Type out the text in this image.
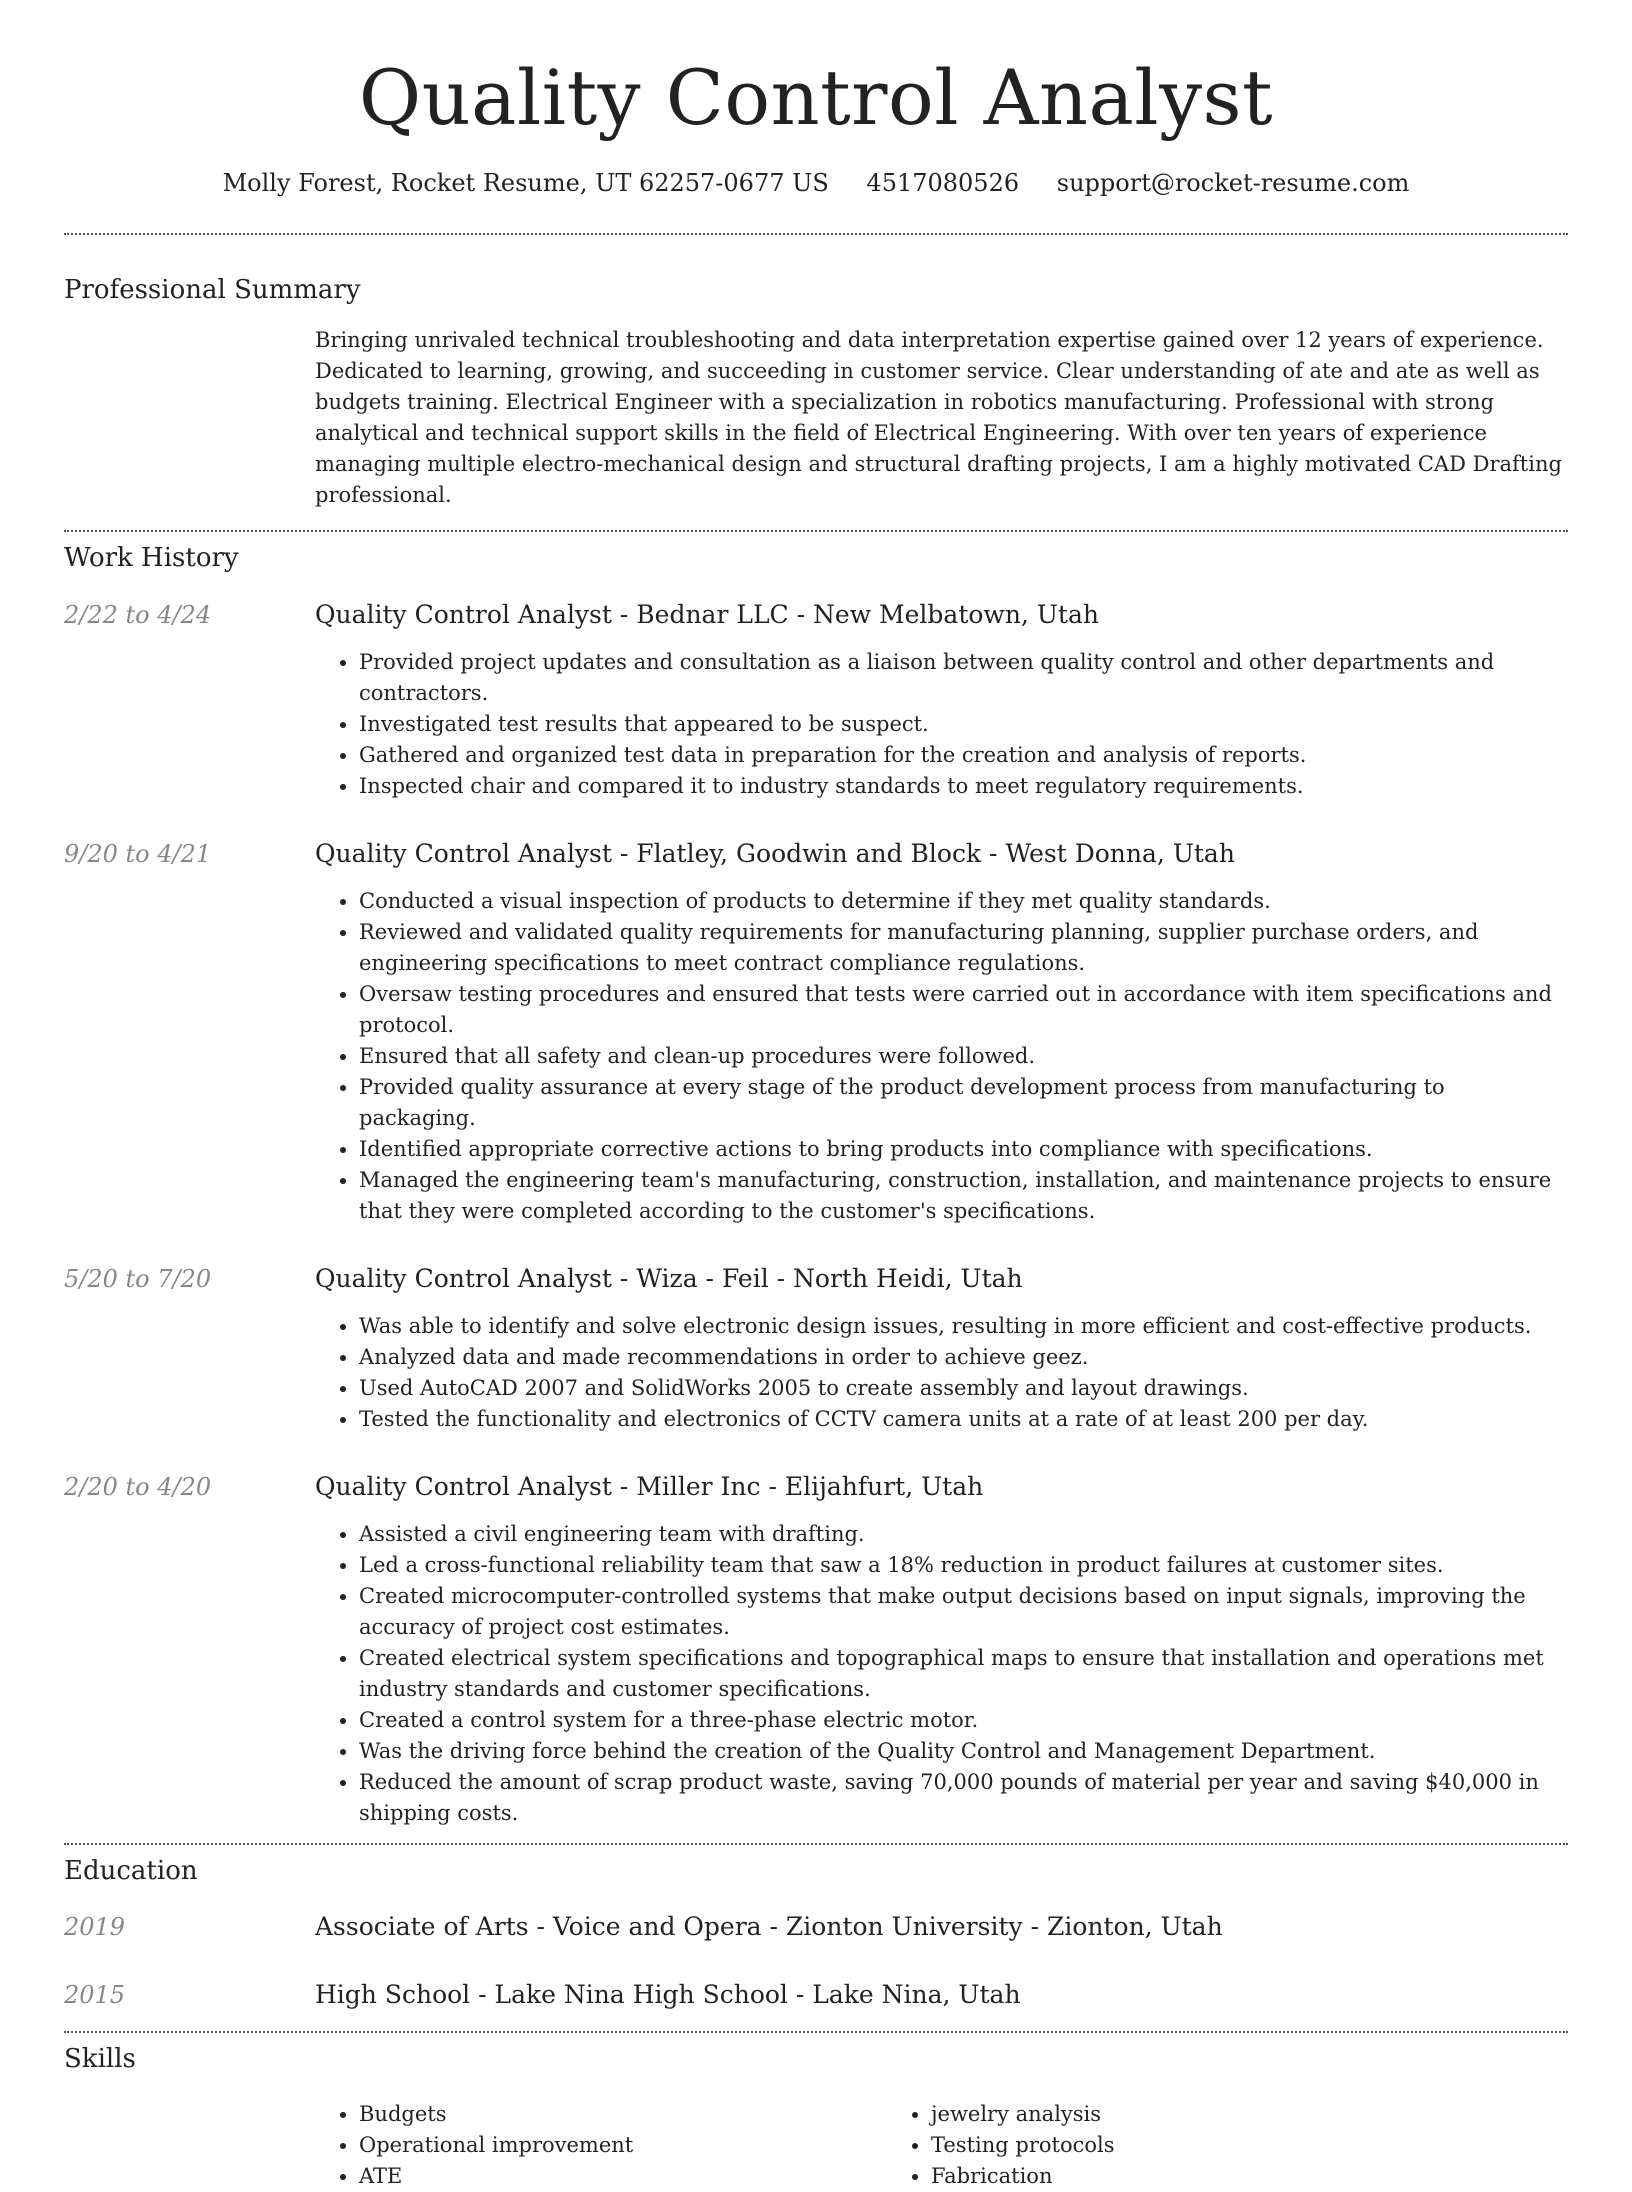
Quality Control Analyst
Molly Forest, Rocket Resume, UT 62257-0677 US 4517080526 support@rocket-resume.com
Professional Summary
Bringing unrivaled technical troubleshooting and data interpretation expertise gained over 12 years of experience. Dedicated to learning, growing, and succeeding in customer service. Clear understanding of ate and ate as well as budgets training. Electrical Engineer with a specialization in robotics manufacturing. Professional with strong analytical and technical support skills in the field of Electrical Engineering. With over ten years of experience managing multiple electro-mechanical design and structural drafting projects, I am a highly motivated CAD Drafting professional.
Work History
2/22 to 4/24	Quality Control Analyst - Bednar LLC - New Melbatown, Utah
• Provided project updates and consultation as a liaison between quality control and other departments and contractors.
• Investigated test results that appeared to be suspect.
• Gathered and organized test data in preparation for the creation and analysis of reports.
• Inspected chair and compared it to industry standards to meet regulatory requirements.
9/20 to 4/21	Quality Control Analyst - Flatley, Goodwin and Block - West Donna, Utah
• Conducted a visual inspection of products to determine if they met quality standards.
• Reviewed and validated quality requirements for manufacturing planning, supplier purchase orders, and engineering specifications to meet contract compliance regulations.
• Oversaw testing procedures and ensured that tests were carried out in accordance with item specifications and protocol.
• Ensured that all safety and clean-up procedures were followed.
• Provided quality assurance at every stage of the product development process from manufacturing to packaging.
• Identified appropriate corrective actions to bring products into compliance with specifications.
• Managed the engineering team's manufacturing, construction, installation, and maintenance projects to ensure that they were completed according to the customer's specifications.
5/20 to 7/20	Quality Control Analyst - Wiza - Feil - North Heidi, Utah
• Was able to identify and solve electronic design issues, resulting in more efficient and cost-effective products.
• Analyzed data and made recommendations in order to achieve geez.
• Used AutoCAD 2007 and SolidWorks 2005 to create assembly and layout drawings.
• Tested the functionality and electronics of CCTV camera units at a rate of at least 200 per day.
2/20 to 4/20	Quality Control Analyst - Miller Inc - Elijahfurt, Utah
• Assisted a civil engineering team with drafting.
• Led a cross-functional reliability team that saw a 18% reduction in product failures at customer sites.
• Created microcomputer-controlled systems that make output decisions based on input signals, improving the accuracy of project cost estimates.
• Created electrical system specifications and topographical maps to ensure that installation and operations met industry standards and customer specifications.
• Created a control system for a three-phase electric motor.
• Was the driving force behind the creation of the Quality Control and Management Department.
• Reduced the amount of scrap product waste, saving 70,000 pounds of material per year and saving $40,000 in shipping costs.
Education
2019	Associate of Arts - Voice and Opera - Zionton University - Zionton, Utah
2015	High School - Lake Nina High School - Lake Nina, Utah
Skills
• Budgets
• Operational improvement
• ATE
• jewelry analysis
• Testing protocols
• Fabrication
